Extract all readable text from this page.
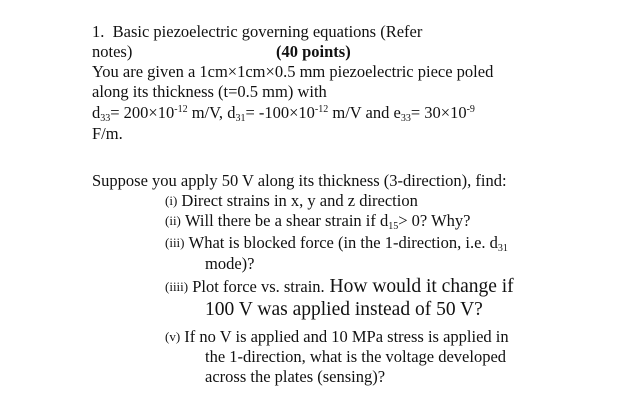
1. Basic piezoelectric governing equations (Refer
notes)	(40 points)
You are given a 1cm×1cm×0.5 mm piezoelectric piece poled
along its thickness (t=0.5 mm) with
$d_{33}= 200\times 10^{-12}$ m/V, $d_{31}= -100\times 10^{-12}$ m/V and $e_{33}= 30\times 10^{-9}$
F/m.
Suppose you apply 50 V along its thickness (3-direction), find:
(i) Direct strains in x, y and z direction
(ii) Will there be a shear strain if $d_{15}> 0$? Why?
(iii) What is blocked force (in the 1-direction, i.e. $d_{31}$
mode)?
(iiii) Plot force vs. strain. How would it change if
100 V was applied instead of 50 V?
(v) If no V is applied and 10 MPa stress is applied in
the 1-direction, what is the voltage developed
across the plates (sensing)?
